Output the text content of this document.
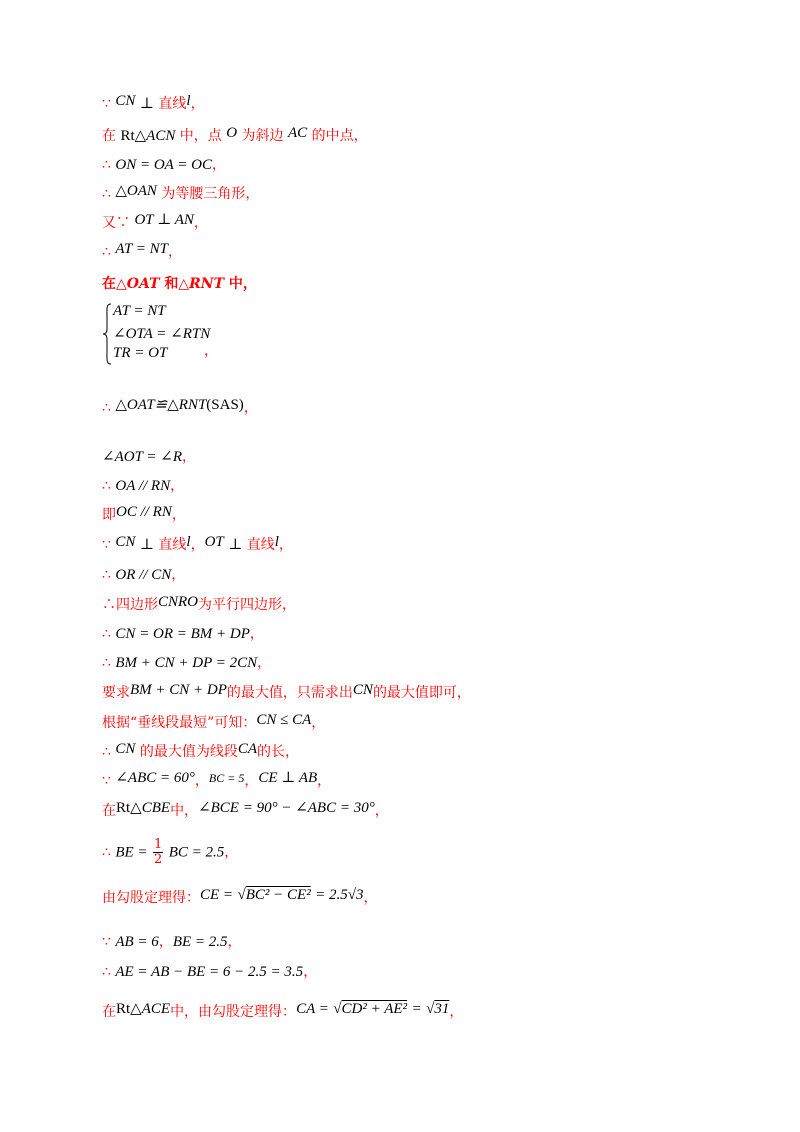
∵ CN ⊥ 直线l，
在 Rt△ACN 中，点 O 为斜边 AC 的中点，
∴ ON = OA = OC，
∴ △OAN 为等腰三角形，
又∵ OT ⊥ AN，
∴ AT = NT，
在△OAT 和△RNT 中，
AT = NT
∠OTA = ∠RTN
TR = OT	，
∴ △OAT≌△RNT(SAS)，
∠AOT = ∠R，
∴ OA // RN，
即OC // RN，
∵ CN ⊥ 直线l，OT ⊥ 直线l，
∴ OR // CN，
∴四边形CNRO为平行四边形，
∴ CN = OR = BM + DP，
∴ BM + CN + DP = 2CN，
要求BM + CN + DP的最大值，只需求出CN的最大值即可，
根据“垂线段最短”可知：CN ≤ CA，
∴ CN 的最大值为线段CA的长，
∵ ∠ABC = 60°，BC = 5，CE ⊥ AB，
在Rt△CBE中，∠BCE = 90° − ∠ABC = 30°，
∴ BE = $\frac{1}{2}$ BC = 2.5，
由勾股定理得：CE = √BC² − CE² = 2.5√3，
∵ AB = 6，BE = 2.5，
∴ AE = AB − BE = 6 − 2.5 = 3.5，
在Rt△ACE中，由勾股定理得：CA = √CD² + AE² = √31，
